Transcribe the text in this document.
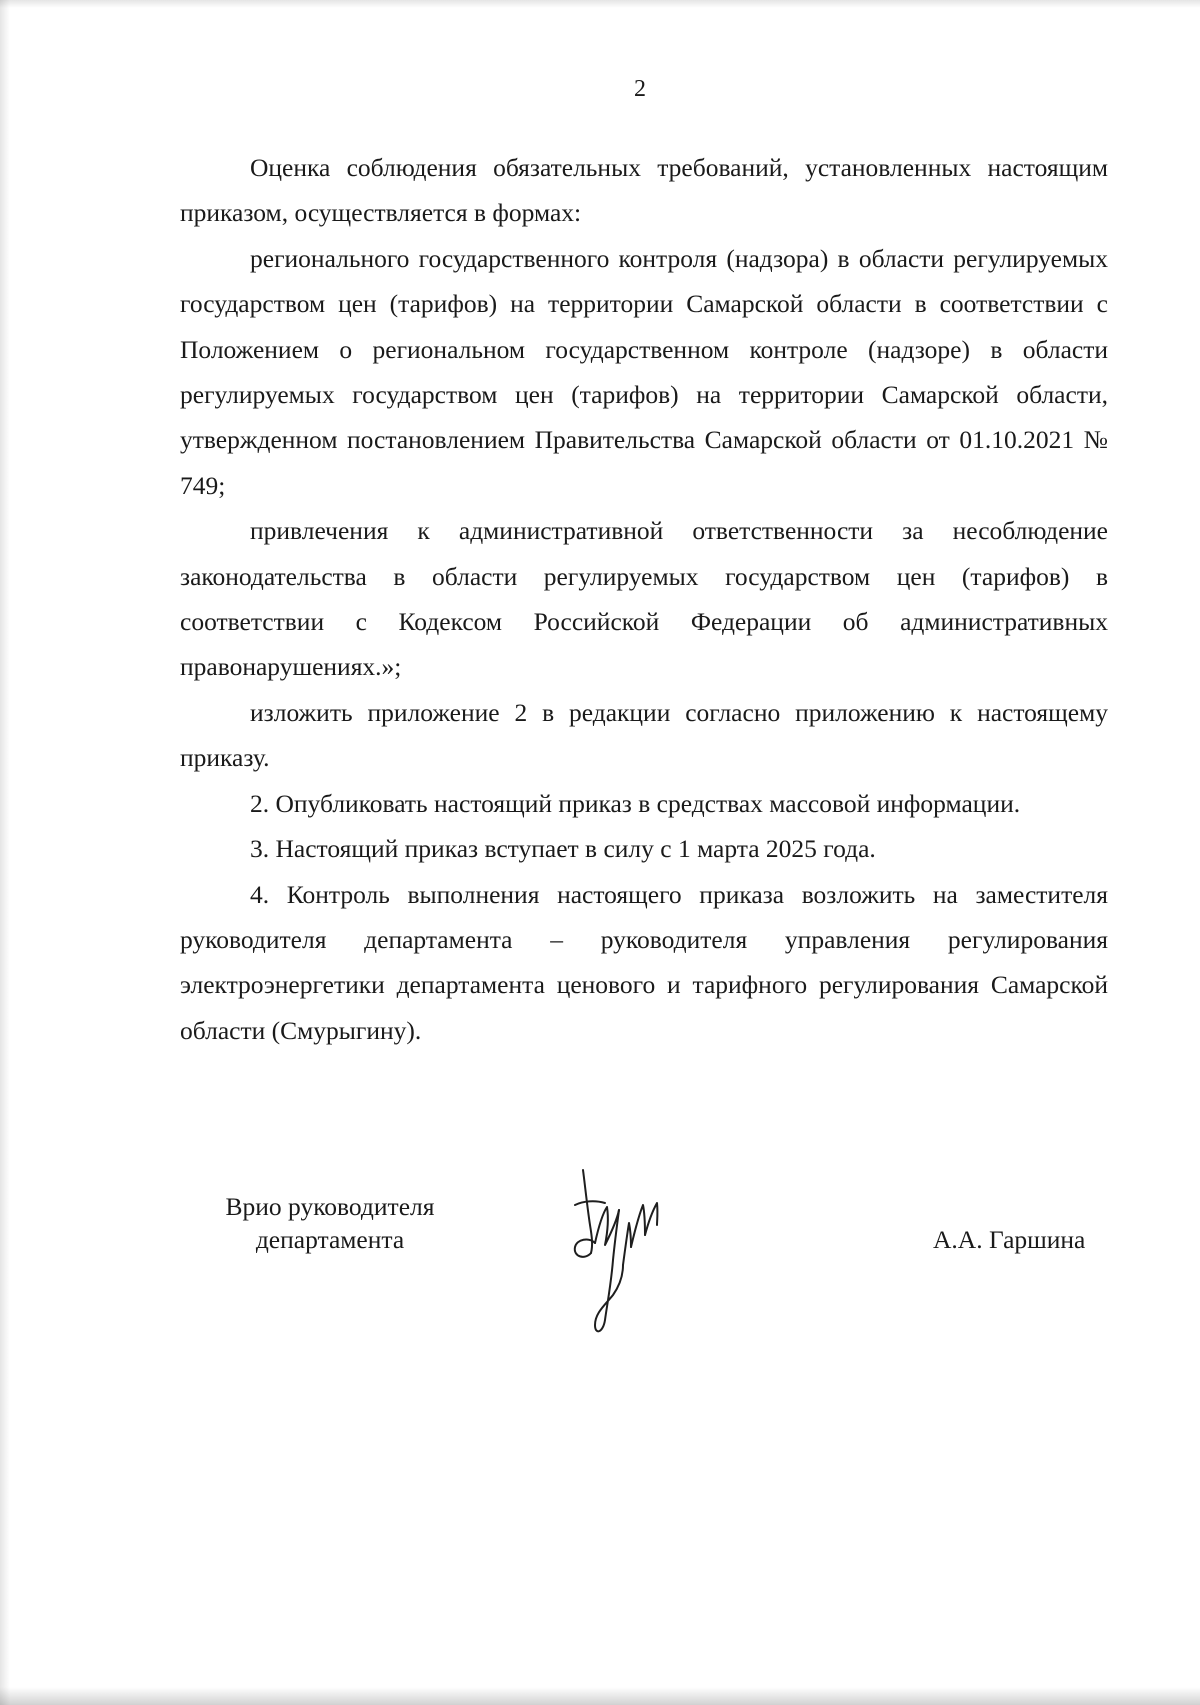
2

Оценка соблюдения обязательных требований, установленных настоящим приказом, осуществляется в формах:

регионального государственного контроля (надзора) в области регулируемых государством цен (тарифов) на территории Самарской области в соответствии с Положением о региональном государственном контроле (надзоре) в области регулируемых государством цен (тарифов) на территории Самарской области, утвержденном постановлением Правительства Самарской области от 01.10.2021 № 749;

привлечения к административной ответственности за несоблюдение законодательства в области регулируемых государством цен (тарифов) в соответствии с Кодексом Российской Федерации об административных правонарушениях.»;

изложить приложение 2 в редакции согласно приложению к настоящему приказу.

2. Опубликовать настоящий приказ в средствах массовой информации.

3. Настоящий приказ вступает в силу с 1 марта 2025 года.

4. Контроль выполнения настоящего приказа возложить на заместителя руководителя департамента – руководителя управления регулирования электроэнергетики департамента ценового и тарифного регулирования Самарской области (Смурыгину).

Врио руководителя
департамента	А.А. Гаршина
